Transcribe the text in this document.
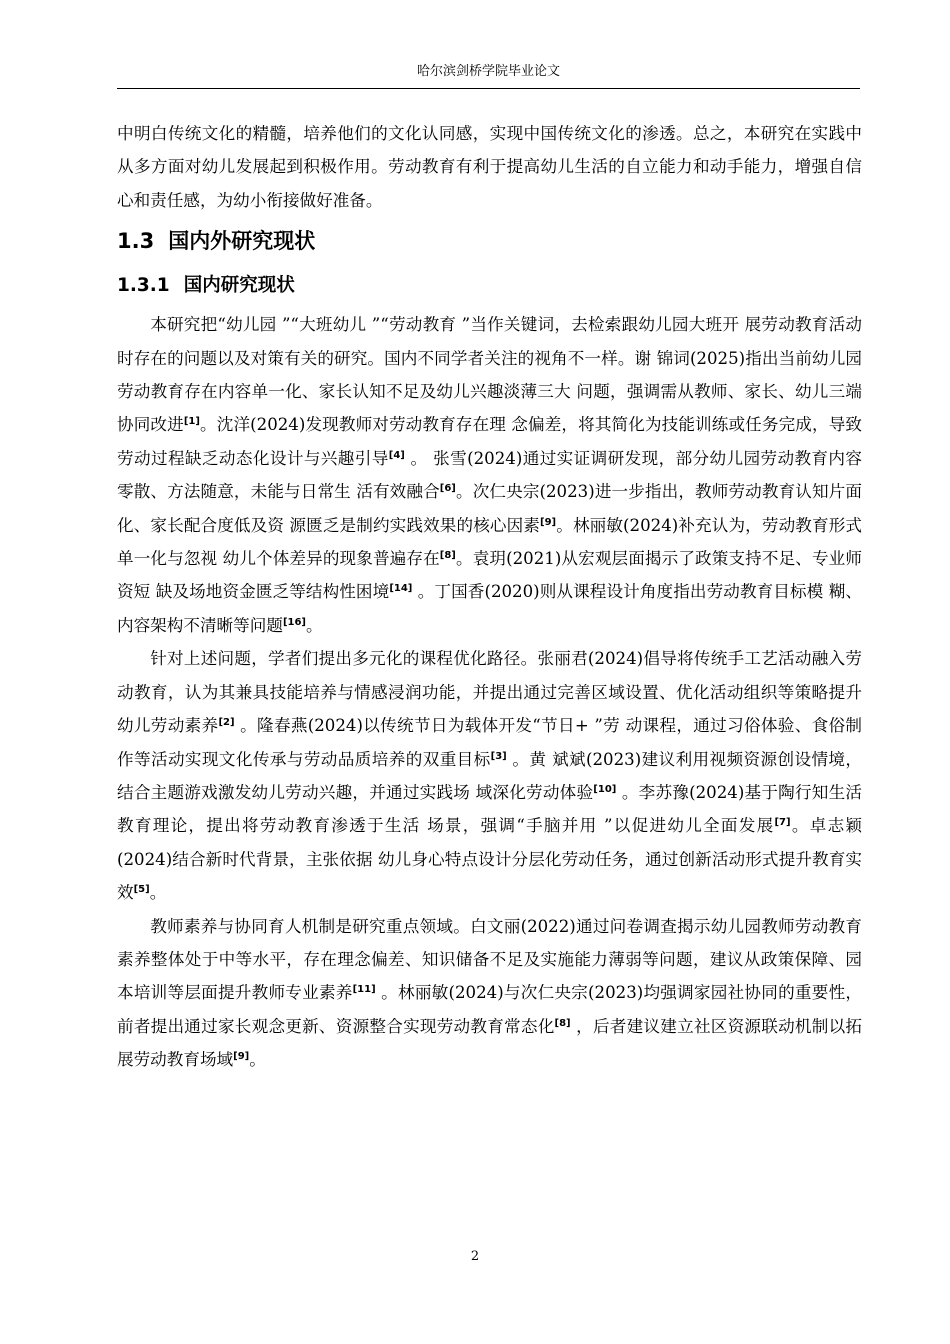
哈尔滨剑桥学院毕业论文

中明白传统文化的精髓，培养他们的文化认同感，实现中国传统文化的渗透。总之，本研究在实践中从多方面对幼儿发展起到积极作用。劳动教育有利于提高幼儿生活的自立能力和动手能力，增强自信心和责任感，为幼小衔接做好准备。

1.3 国内外研究现状
1.3.1 国内研究现状

本研究把“幼儿园 ”“大班幼儿 ”“劳动教育 ”当作关键词，去检索跟幼儿园大班开 展劳动教育活动时存在的问题以及对策有关的研究。国内不同学者关注的视角不一样。谢 锦词(2025)指出当前幼儿园劳动教育存在内容单一化、家长认知不足及幼儿兴趣淡薄三大 问题，强调需从教师、家长、幼儿三端协同改进[1]。沈洋(2024)发现教师对劳动教育存在理 念偏差，将其简化为技能训练或任务完成，导致劳动过程缺乏动态化设计与兴趣引导[4] 。 张雪(2024)通过实证调研发现，部分幼儿园劳动教育内容零散、方法随意，未能与日常生 活有效融合[6]。次仁央宗(2023)进一步指出，教师劳动教育认知片面化、家长配合度低及资 源匮乏是制约实践效果的核心因素[9]。林丽敏(2024)补充认为，劳动教育形式单一化与忽视 幼儿个体差异的现象普遍存在[8]。袁玥(2021)从宏观层面揭示了政策支持不足、专业师资短 缺及场地资金匮乏等结构性困境[14] 。丁国香(2020)则从课程设计角度指出劳动教育目标模 糊、内容架构不清晰等问题[16]。

针对上述问题，学者们提出多元化的课程优化路径。张丽君(2024)倡导将传统手工艺活动融入劳动教育，认为其兼具技能培养与情感浸润功能，并提出通过完善区域设置、优化活动组织等策略提升幼儿劳动素养[2] 。隆春燕(2024)以传统节日为载体开发“节日+ ”劳 动课程，通过习俗体验、食俗制作等活动实现文化传承与劳动品质培养的双重目标[3] 。黄 斌斌(2023)建议利用视频资源创设情境，结合主题游戏激发幼儿劳动兴趣，并通过实践场 域深化劳动体验[10] 。李苏豫(2024)基于陶行知生活教育理论，提出将劳动教育渗透于生活 场景，强调“手脑并用 ”以促进幼儿全面发展[7]。卓志颖(2024)结合新时代背景，主张依据 幼儿身心特点设计分层化劳动任务，通过创新活动形式提升教育实效[5]。

教师素养与协同育人机制是研究重点领域。白文丽(2022)通过问卷调查揭示幼儿园教师劳动教育素养整体处于中等水平，存在理念偏差、知识储备不足及实施能力薄弱等问题，建议从政策保障、园本培训等层面提升教师专业素养[11] 。林丽敏(2024)与次仁央宗(2023)均强调家园社协同的重要性，前者提出通过家长观念更新、资源整合实现劳动教育常态化[8] ，后者建议建立社区资源联动机制以拓展劳动教育场域[9]。

2
